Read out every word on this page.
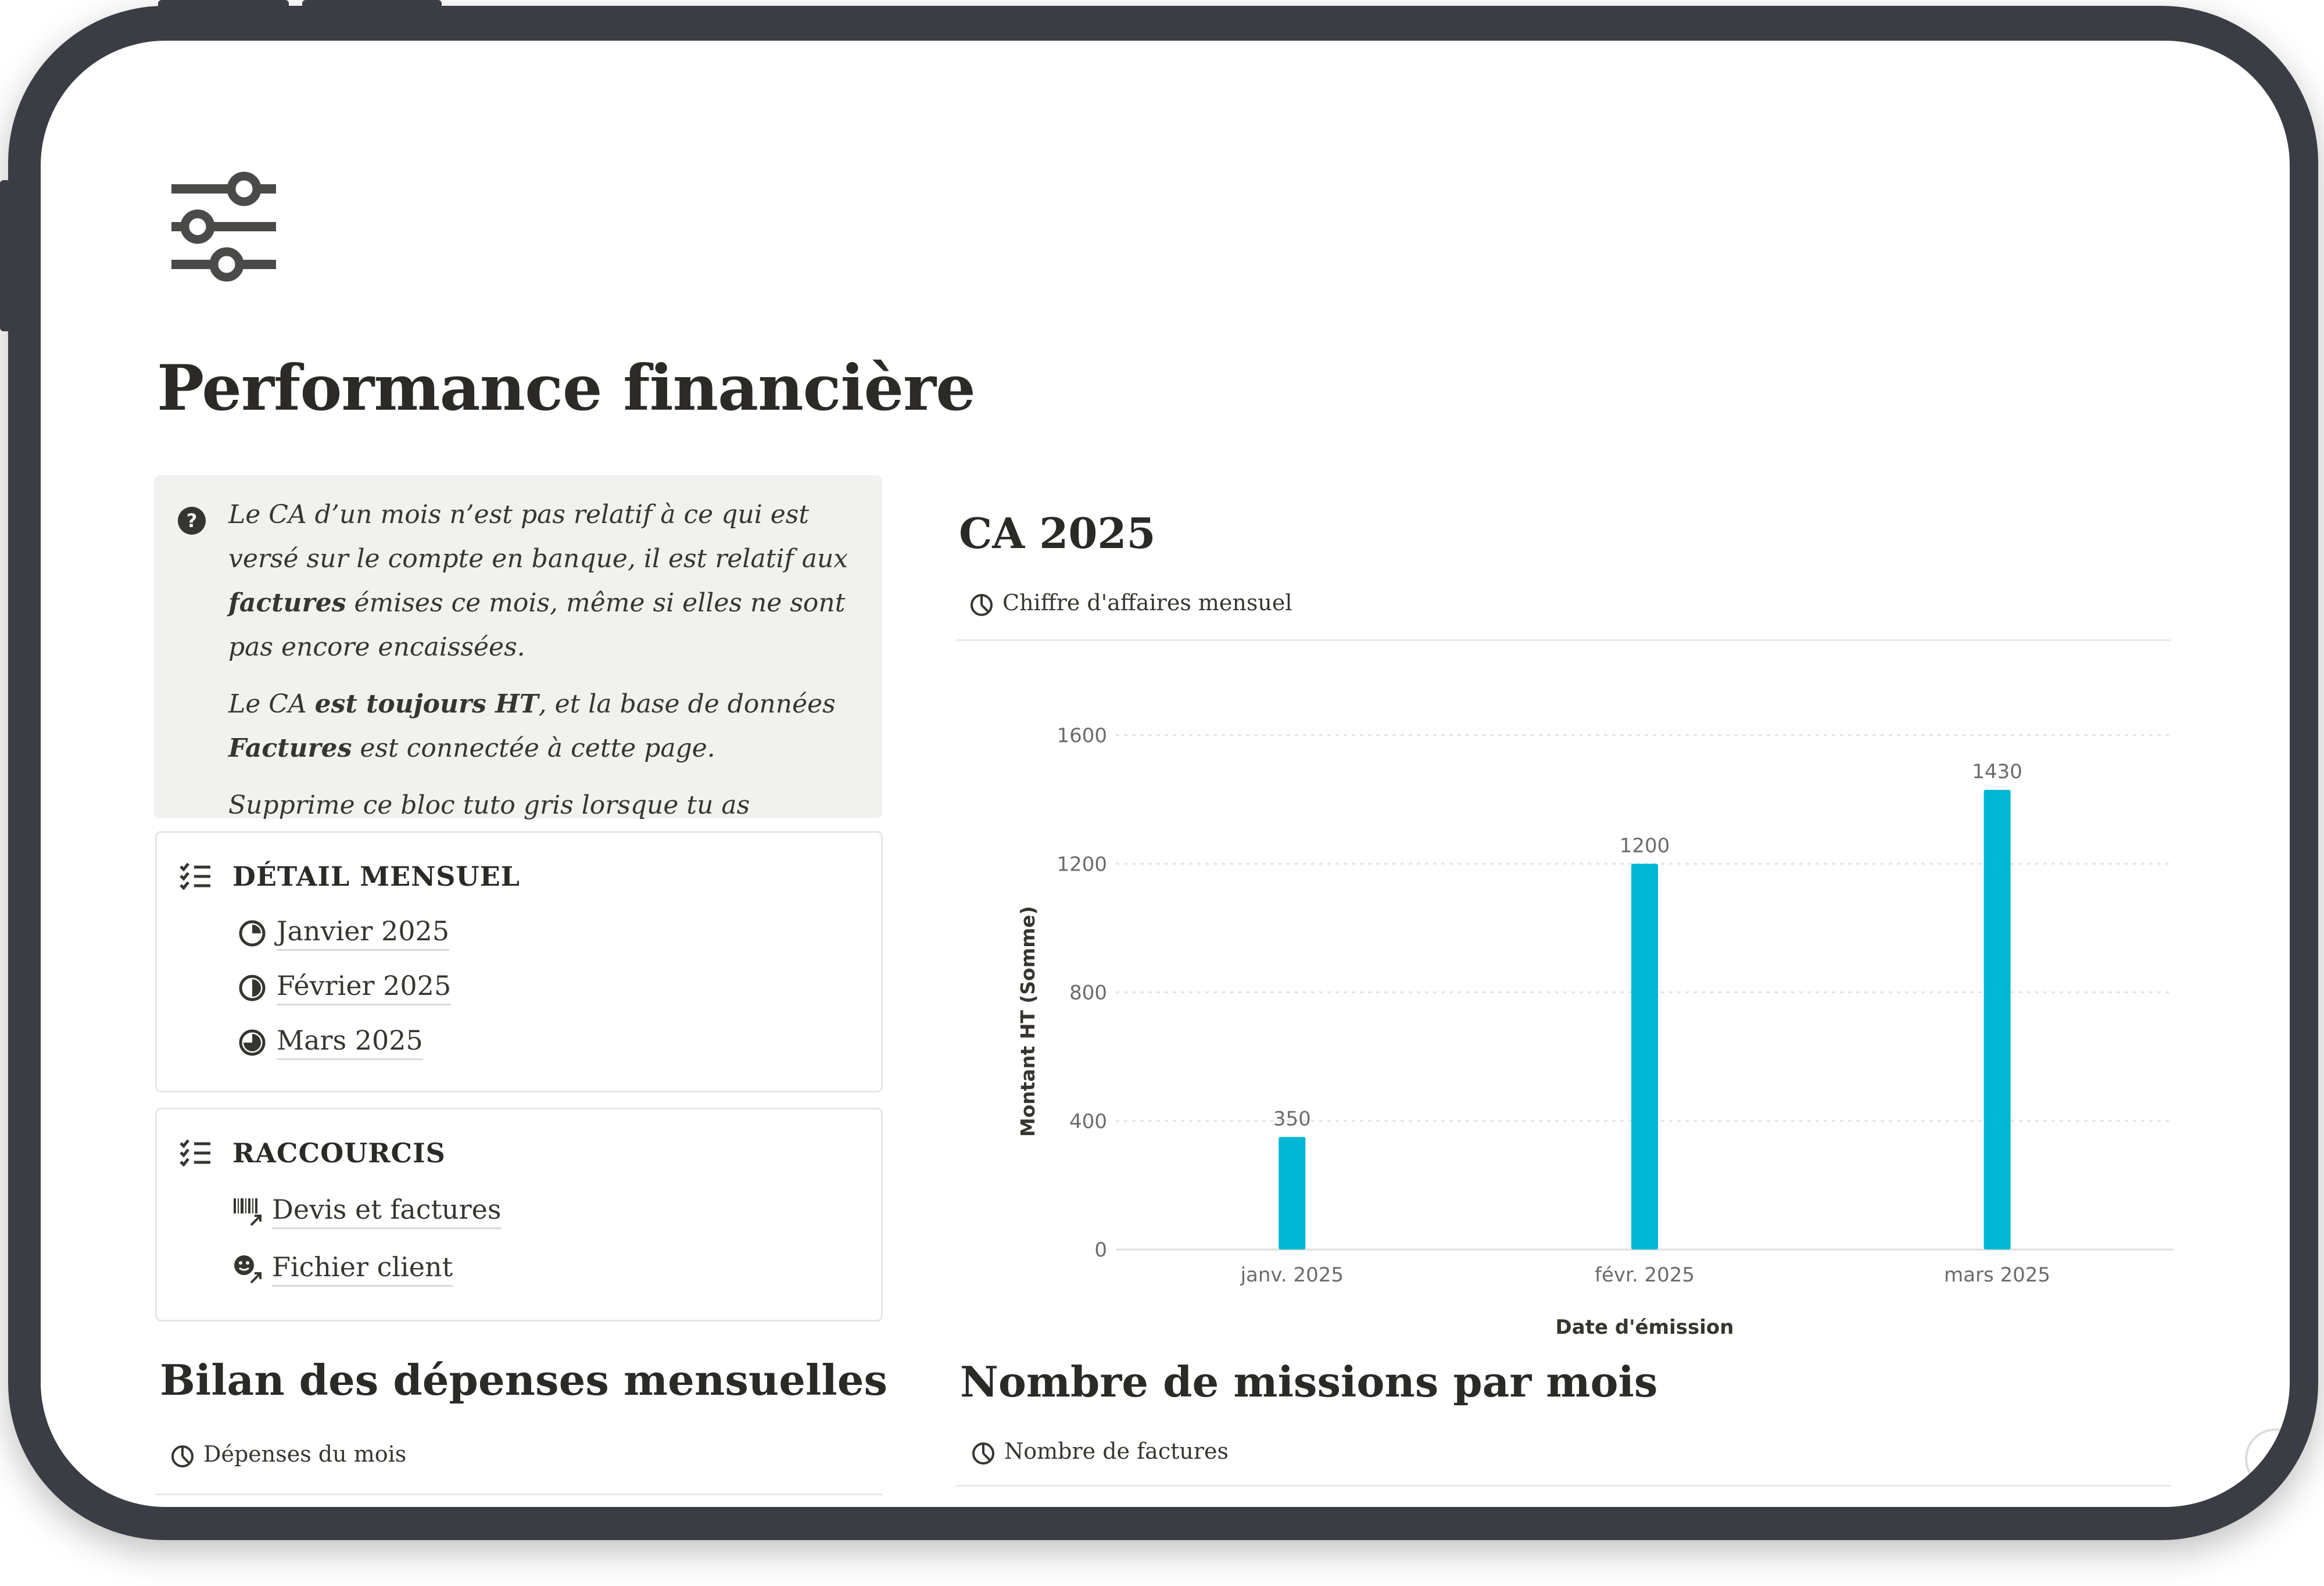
Performance financière
? Le CA d’un mois n’est pas relatif à ce qui est versé sur le compte en banque, il est relatif aux factures émises ce mois, même si elles ne sont pas encore encaissées.

Le CA est toujours HT, et la base de données Factures est connectée à cette page.

Supprime ce bloc tuto gris lorsque tu as

DÉTAIL MENSUEL
Janvier 2025
Février 2025
Mars 2025
RACCOURCIS
Devis et factures
Fichier client
Bilan des dépenses mensuelles
Dépenses du mois
CA 2025
Chiffre d'affaires mensuel
0
400
800
1200
1600
350
janv. 2025
1200
févr. 2025
1430
mars 2025
Date d'émission
Montant HT (Somme)
Nombre de missions par mois
Nombre de factures	?
